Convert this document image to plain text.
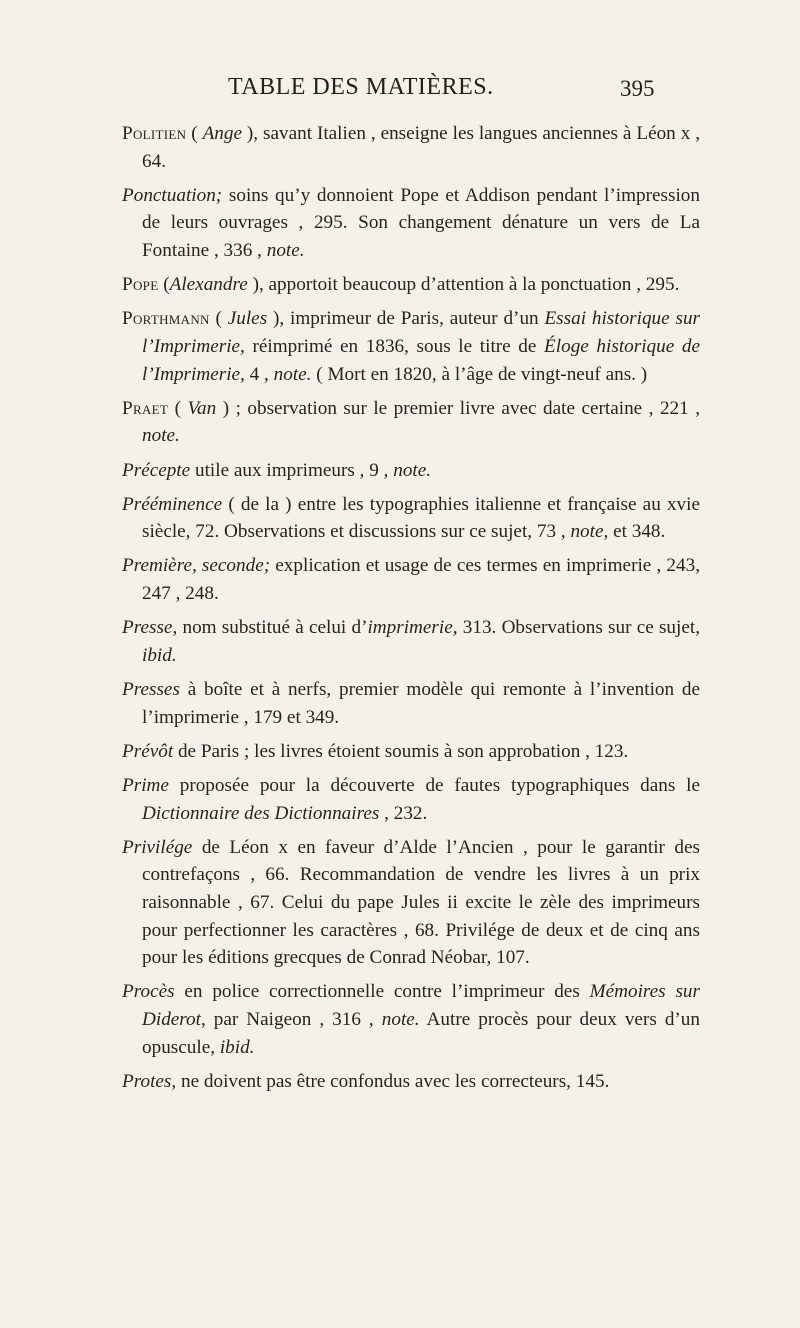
TABLE DES MATIÈRES.	395

Politien ( Ange ), savant Italien , enseigne les langues anciennes à Léon x , 64.

Ponctuation; soins qu’y donnoient Pope et Addison pendant l’impression de leurs ouvrages , 295. Son changement dénature un vers de La Fontaine , 336 , note.

Pope (Alexandre ), apportoit beaucoup d’attention à la ponctuation , 295.

Porthmann ( Jules ), imprimeur de Paris, auteur d’un Essai historique sur l’Imprimerie, réimprimé en 1836, sous le titre de Éloge historique de l’Imprimerie, 4 , note. ( Mort en 1820, à l’âge de vingt-neuf ans. )

Praet ( Van ) ; observation sur le premier livre avec date certaine , 221 , note.

Précepte utile aux imprimeurs , 9 , note.

Prééminence ( de la ) entre les typographies italienne et française au xvie siècle, 72. Observations et discussions sur ce sujet, 73 , note, et 348.

Première, seconde; explication et usage de ces termes en imprimerie , 243, 247 , 248.

Presse, nom substitué à celui d’imprimerie, 313. Observations sur ce sujet, ibid.

Presses à boîte et à nerfs, premier modèle qui remonte à l’invention de l’imprimerie , 179 et 349.

Prévôt de Paris ; les livres étoient soumis à son approbation , 123.

Prime proposée pour la découverte de fautes typographiques dans le Dictionnaire des Dictionnaires , 232.

Privilége de Léon x en faveur d’Alde l’Ancien , pour le garantir des contrefaçons , 66. Recommandation de vendre les livres à un prix raisonnable , 67. Celui du pape Jules ii excite le zèle des imprimeurs pour perfectionner les caractères , 68. Privilége de deux et de cinq ans pour les éditions grecques de Conrad Néobar, 107.

Procès en police correctionnelle contre l’imprimeur des Mémoires sur Diderot, par Naigeon , 316 , note. Autre procès pour deux vers d’un opuscule, ibid.

Protes, ne doivent pas être confondus avec les correcteurs, 145.
